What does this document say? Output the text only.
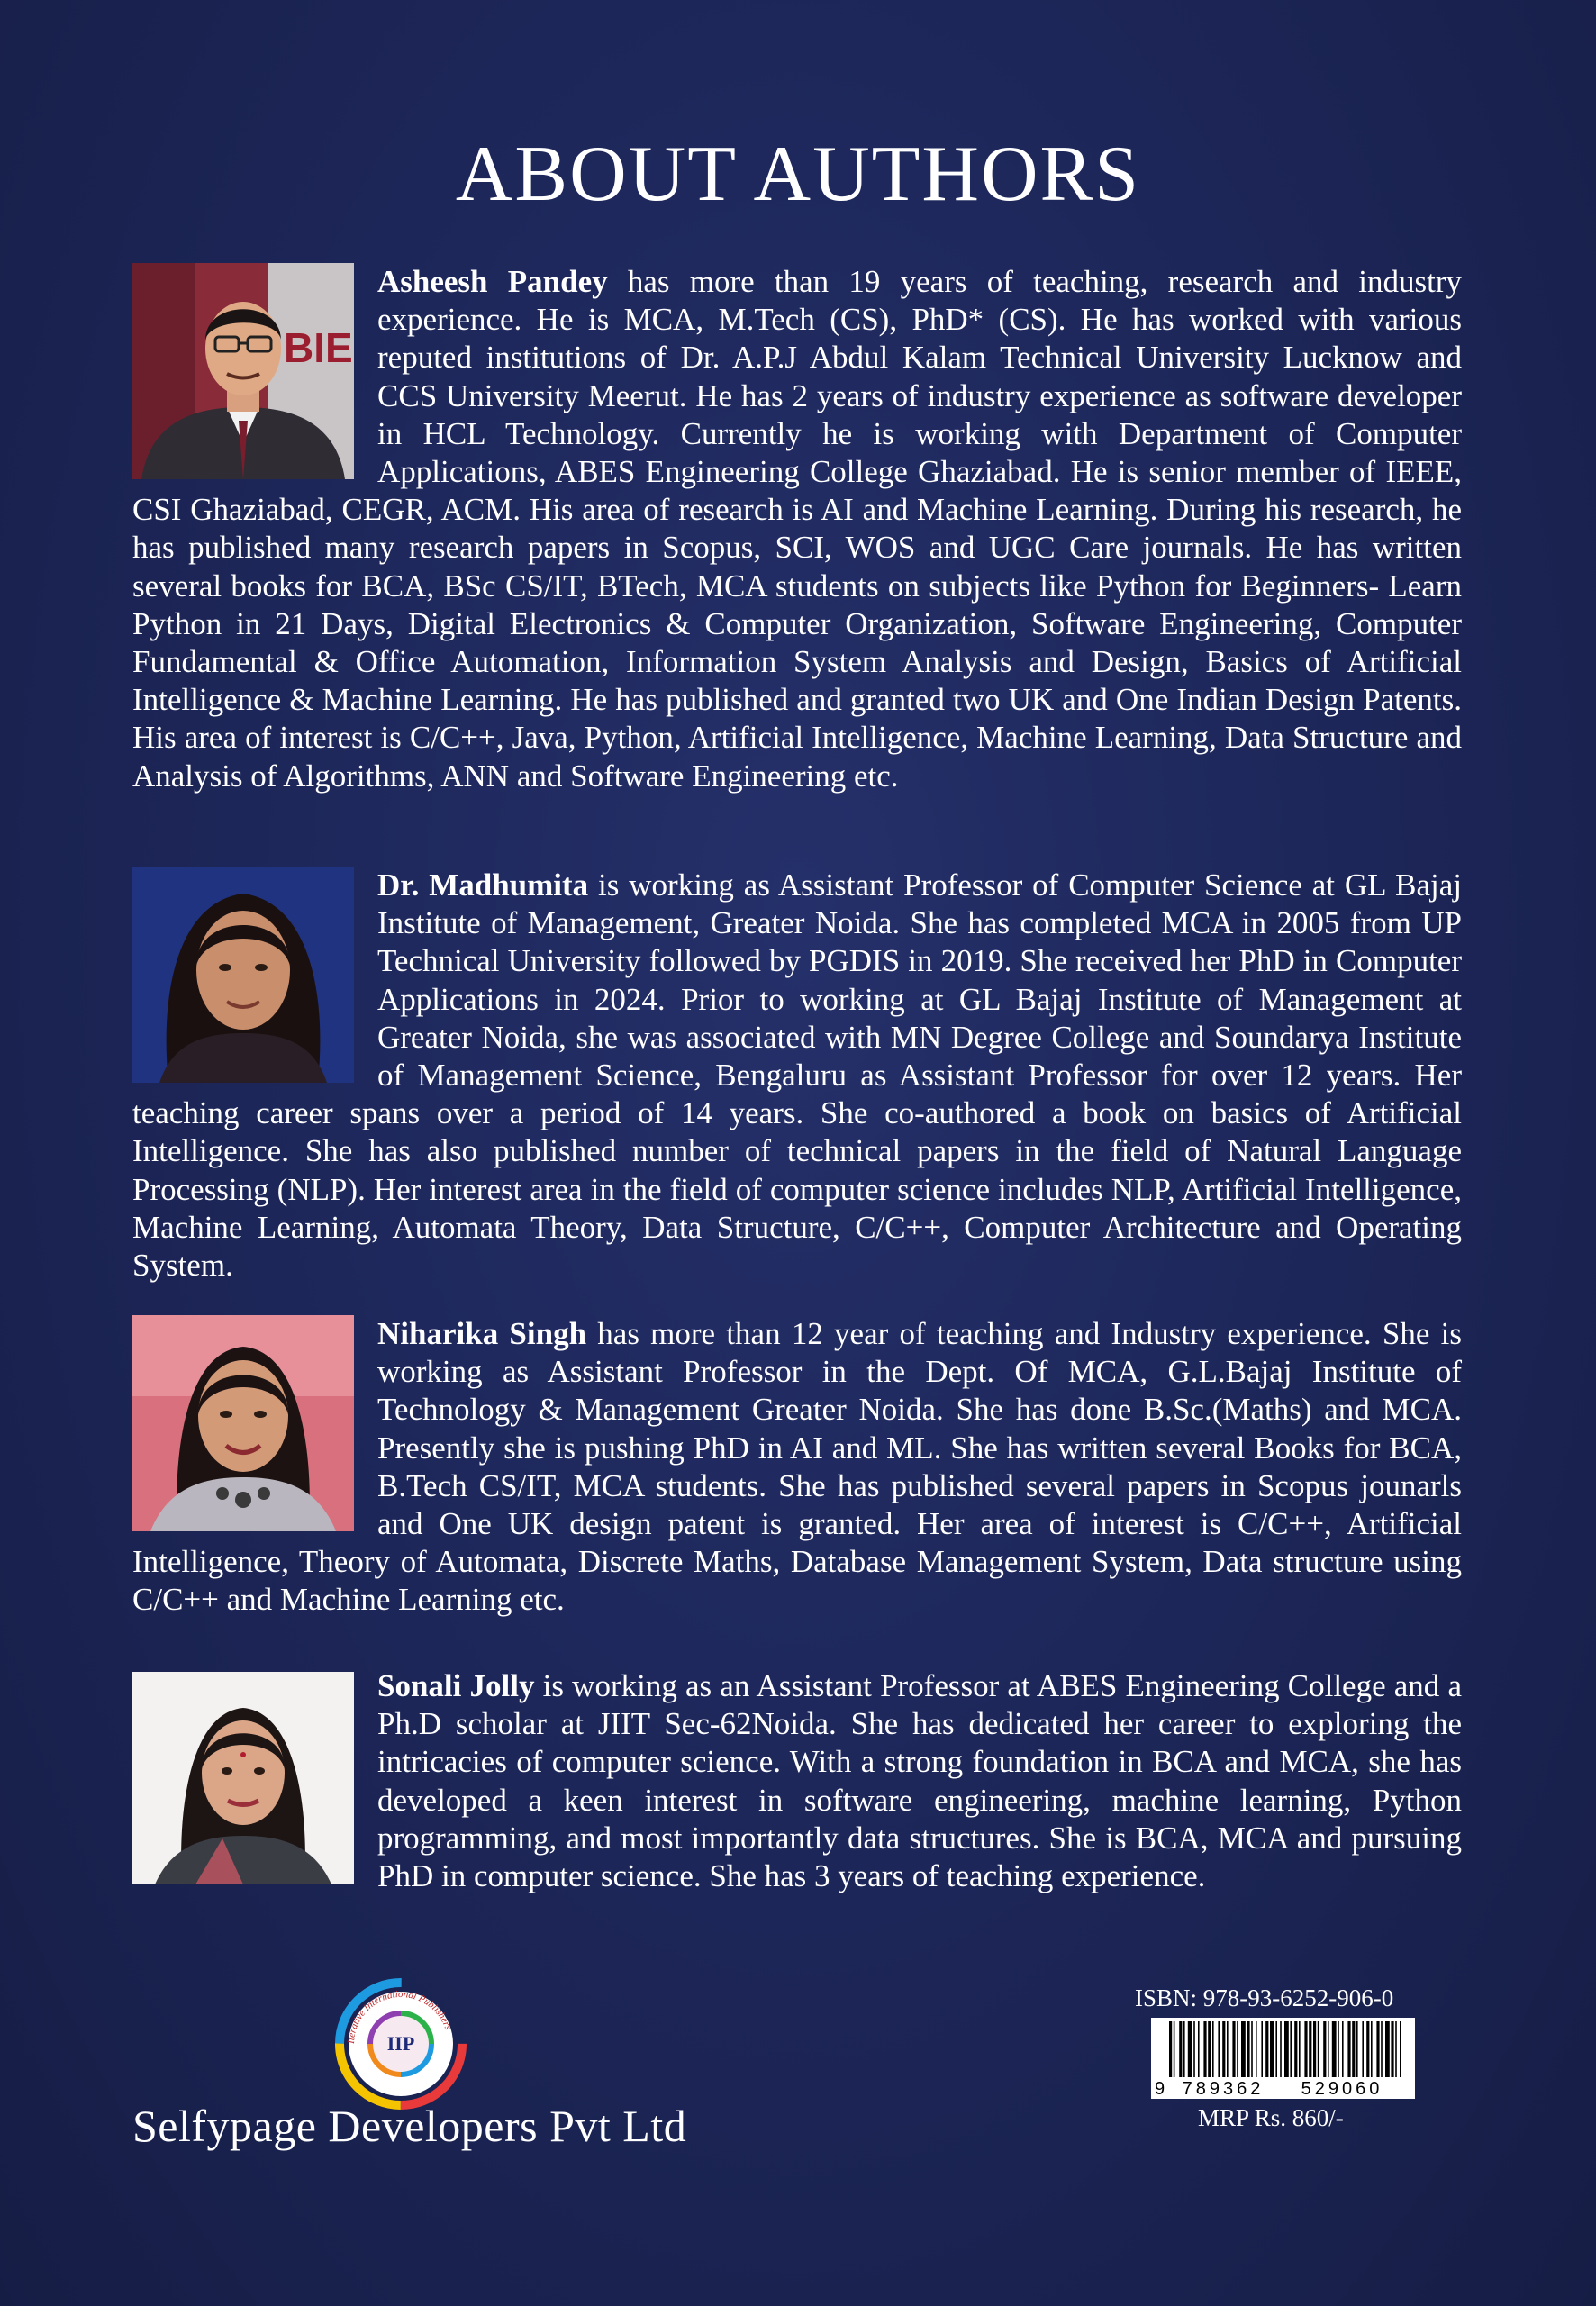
ABOUT AUTHORS
BIE
Asheesh Pandey has more than 19 years of teaching, research and industry experience. He is MCA, M.Tech (CS), PhD* (CS). He has worked with various reputed institutions of Dr. A.P.J Abdul Kalam Technical University Lucknow and CCS University Meerut. He has 2 years of industry experience as software developer in HCL Technology. Currently he is working with Department of Computer Applications, ABES Engineering College Ghaziabad. He is senior member of IEEE, CSI Ghaziabad, CEGR, ACM. His area of research is AI and Machine Learning. During his research, he has published many research papers in Scopus, SCI, WOS and UGC Care journals. He has written several books for BCA, BSc CS/IT, BTech, MCA students on subjects like Python for Beginners- Learn Python in 21 Days, Digital Electronics & Computer Organization, Software Engineering, Computer Fundamental & Office Automation, Information System Analysis and Design, Basics of Artificial Intelligence & Machine Learning. He has published and granted two UK and One Indian Design Patents. His area of interest is C/C++, Java, Python, Artificial Intelligence, Machine Learning, Data Structure and Analysis of Algorithms, ANN and Software Engineering etc.
Dr. Madhumita is working as Assistant Professor of Computer Science at GL Bajaj Institute of Management, Greater Noida. She has completed MCA in 2005 from UP Technical University followed by PGDIS in 2019. She received her PhD in Computer Applications in 2024. Prior to working at GL Bajaj Institute of Management at Greater Noida, she was associated with MN Degree College and Soundarya Institute of Management Science, Bengaluru as Assistant Professor for over 12 years. Her teaching career spans over a period of 14 years. She co-authored a book on basics of Artificial Intelligence. She has also published number of technical papers in the field of Natural Language Processing (NLP). Her interest area in the field of computer science includes NLP, Artificial Intelligence, Machine Learning, Automata Theory, Data Structure, C/C++, Computer Architecture and Operating System.
Niharika Singh has more than 12 year of teaching and Industry experience. She is working as Assistant Professor in the Dept. Of MCA, G.L.Bajaj Institute of Technology & Management Greater Noida. She has done B.Sc.(Maths) and MCA. Presently she is pushing PhD in AI and ML. She has written several Books for BCA, B.Tech CS/IT, MCA students. She has published several papers in Scopus jounarls and One UK design patent is granted. Her area of interest is C/C++, Artificial Intelligence, Theory of Automata, Discrete Maths, Database Management System, Data structure using C/C++ and Machine Learning etc.
Sonali Jolly is working as an Assistant Professor at ABES Engineering College and a Ph.D scholar at JIIT Sec-62Noida. She has dedicated her career to exploring the intricacies of computer science. With a strong foundation in BCA and MCA, she has developed a keen interest in software engineering, machine learning, Python programming, and most importantly data structures. She is BCA, MCA and pursuing PhD in computer science. She has 3 years of teaching experience.
Iterative International Publishers
IIP
Selfypage Developers Pvt Ltd
ISBN: 978-93-6252-906-0
9 789362 529060
MRP Rs. 860/-
